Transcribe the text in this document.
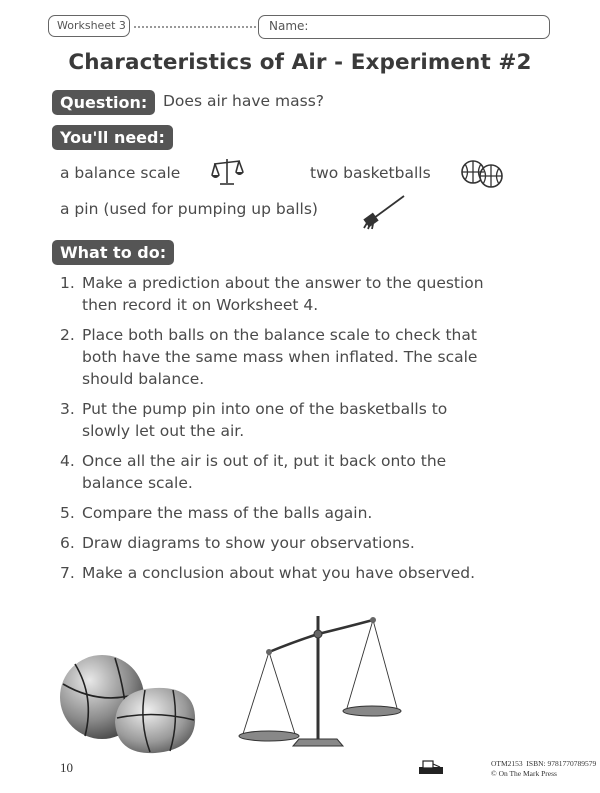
Worksheet 3	Name:
Characteristics of Air - Experiment #2
Question:	Does air have mass?
You'll need:
a balance scale	two basketballs
a pin (used for pumping up balls)
What to do:
1. Make a prediction about the answer to the question
then record it on Worksheet 4.
2. Place both balls on the balance scale to check that
both have the same mass when inflated. The scale
should balance.
3. Put the pump pin into one of the basketballs to
slowly let out the air.
4. Once all the air is out of it, put it back onto the
balance scale.
5. Compare the mass of the balls again.
6. Draw diagrams to show your observations.
7. Make a conclusion about what you have observed.
10	OTM2153 ISBN: 9781770789579
© On The Mark Press
